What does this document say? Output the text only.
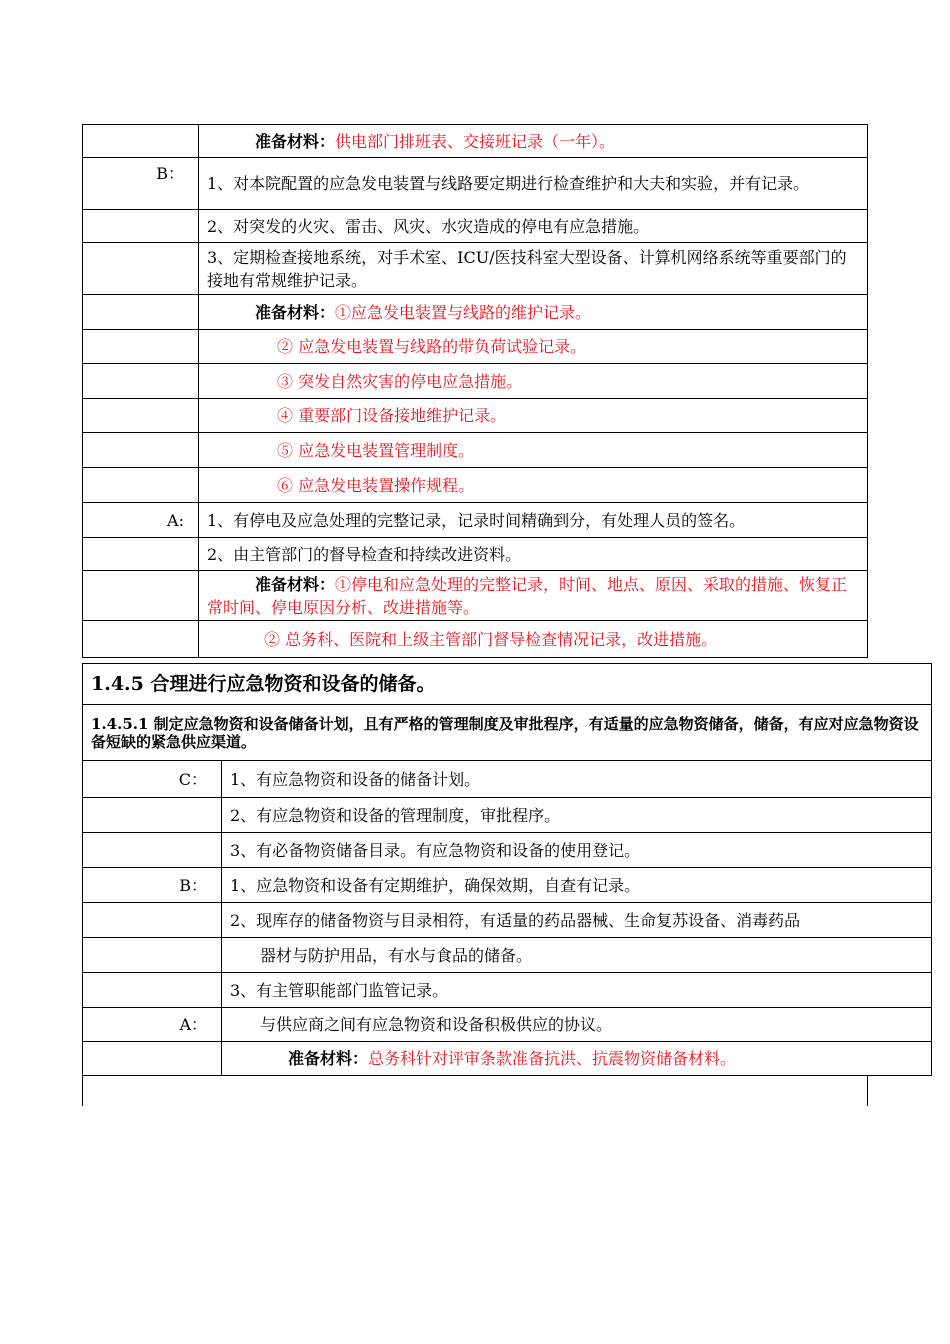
	准备材料：供电部门排班表、交接班记录（一年）。
B：	1、对本院配置的应急发电装置与线路要定期进行检查维护和大夫和实验，并有记录。
	2、对突发的火灾、雷击、风灾、水灾造成的停电有应急措施。
	3、定期检查接地系统，对手术室、ICU/医技科室大型设备、计算机网络系统等重要部门的接地有常规维护记录。
	准备材料：①应急发电装置与线路的维护记录。
	② 应急发电装置与线路的带负荷试验记录。
	③ 突发自然灾害的停电应急措施。
	④ 重要部门设备接地维护记录。
	⑤ 应急发电装置管理制度。
	⑥ 应急发电装置操作规程。
A:	1、有停电及应急处理的完整记录，记录时间精确到分，有处理人员的签名。
	2、由主管部门的督导检查和持续改进资料。
	准备材料：①停电和应急处理的完整记录，时间、地点、原因、采取的措施、恢复正常时间、停电原因分析、改进措施等。
	② 总务科、医院和上级主管部门督导检查情况记录，改进措施。
1.4.5 合理进行应急物资和设备的储备。	
1.4.5.1 制定应急物资和设备储备计划，且有严格的管理制度及审批程序，有适量的应急物资储备，储备，有应对应急物资设备短缺的紧急供应渠道。	
C：	1、有应急物资和设备的储备计划。
	2、有应急物资和设备的管理制度，审批程序。
	3、有必备物资储备目录。有应急物资和设备的使用登记。
B：	1、应急物资和设备有定期维护，确保效期，自查有记录。
	2、现库存的储备物资与目录相符，有适量的药品器械、生命复苏设备、消毒药品
	器材与防护用品，有水与食品的储备。
	3、有主管职能部门监管记录。
A：	与供应商之间有应急物资和设备积极供应的协议。
	准备材料：总务科针对评审条款准备抗洪、抗震物资储备材料。
